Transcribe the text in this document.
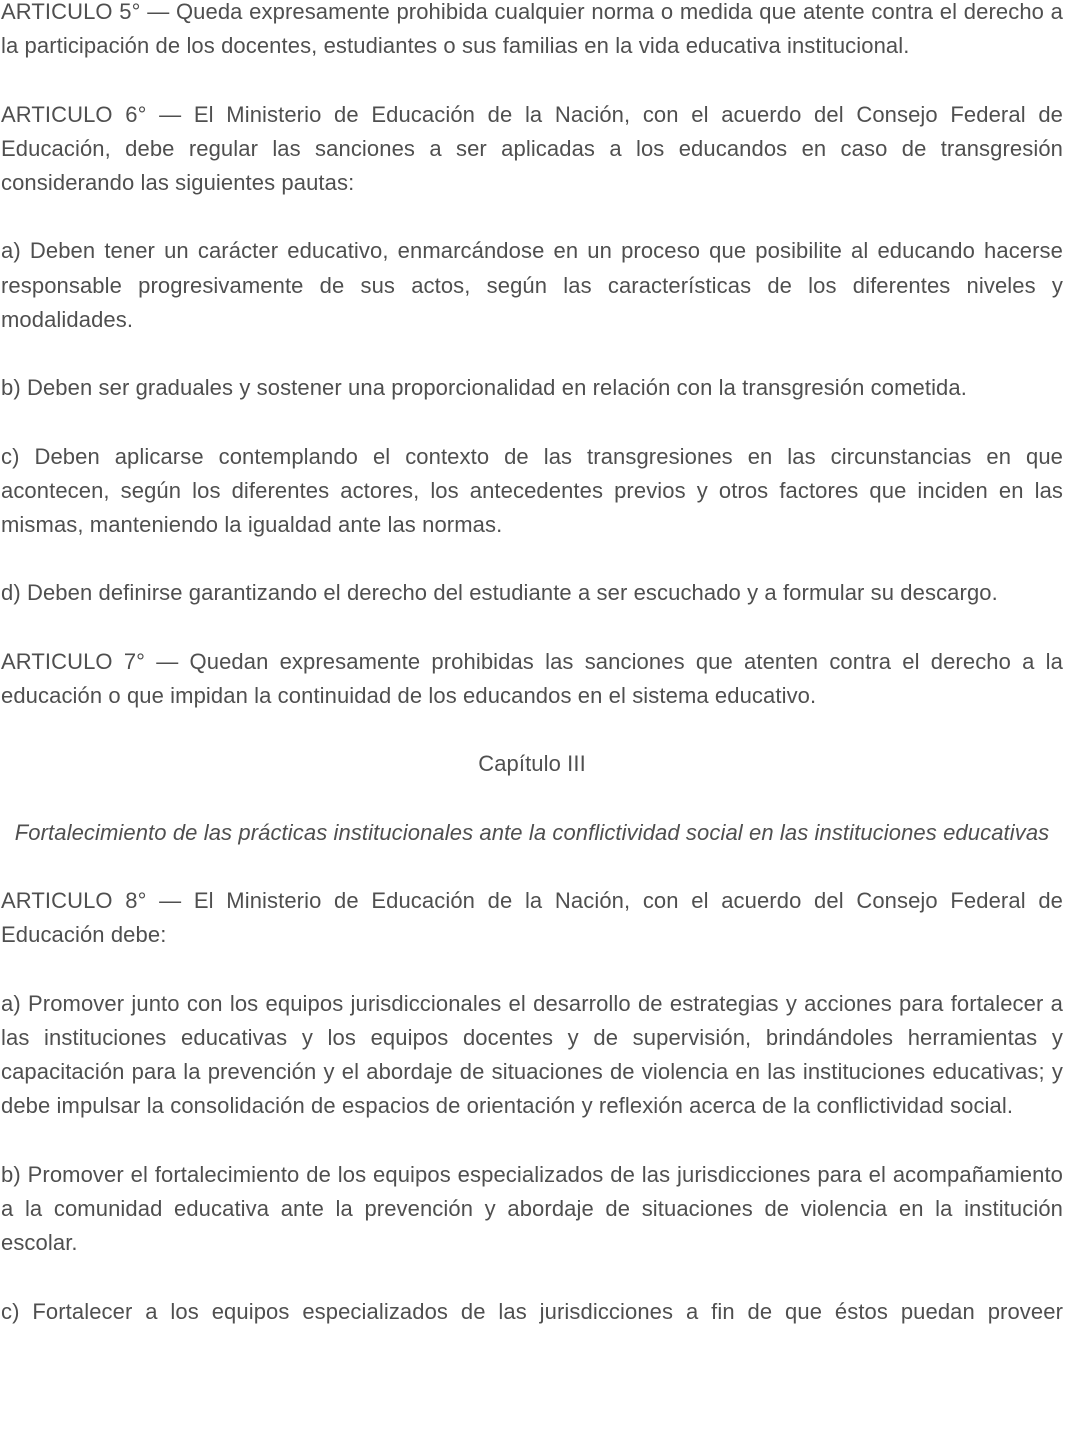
ARTICULO 5° — Queda expresamente prohibida cualquier norma o medida que atente contra el derecho a la participación de los docentes, estudiantes o sus familias en la vida educativa institucional.

ARTICULO 6° — El Ministerio de Educación de la Nación, con el acuerdo del Consejo Federal de Educación, debe regular las sanciones a ser aplicadas a los educandos en caso de transgresión considerando las siguientes pautas:

a) Deben tener un carácter educativo, enmarcándose en un proceso que posibilite al educando hacerse responsable progresivamente de sus actos, según las características de los diferentes niveles y modalidades.

b) Deben ser graduales y sostener una proporcionalidad en relación con la transgresión cometida.

c) Deben aplicarse contemplando el contexto de las transgresiones en las circunstancias en que acontecen, según los diferentes actores, los antecedentes previos y otros factores que inciden en las mismas, manteniendo la igualdad ante las normas.

d) Deben definirse garantizando el derecho del estudiante a ser escuchado y a formular su descargo.

ARTICULO 7° — Quedan expresamente prohibidas las sanciones que atenten contra el derecho a la educación o que impidan la continuidad de los educandos en el sistema educativo.

Capítulo III

Fortalecimiento de las prácticas institucionales ante la conflictividad social en las instituciones educativas

ARTICULO 8° — El Ministerio de Educación de la Nación, con el acuerdo del Consejo Federal de Educación debe:

a) Promover junto con los equipos jurisdiccionales el desarrollo de estrategias y acciones para fortalecer a las instituciones educativas y los equipos docentes y de supervisión, brindándoles herramientas y capacitación para la prevención y el abordaje de situaciones de violencia en las instituciones educativas; y debe impulsar la consolidación de espacios de orientación y reflexión acerca de la conflictividad social.

b) Promover el fortalecimiento de los equipos especializados de las jurisdicciones para el acompañamiento a la comunidad educativa ante la prevención y abordaje de situaciones de violencia en la institución escolar.

c) Fortalecer a los equipos especializados de las jurisdicciones a fin de que éstos puedan proveer
